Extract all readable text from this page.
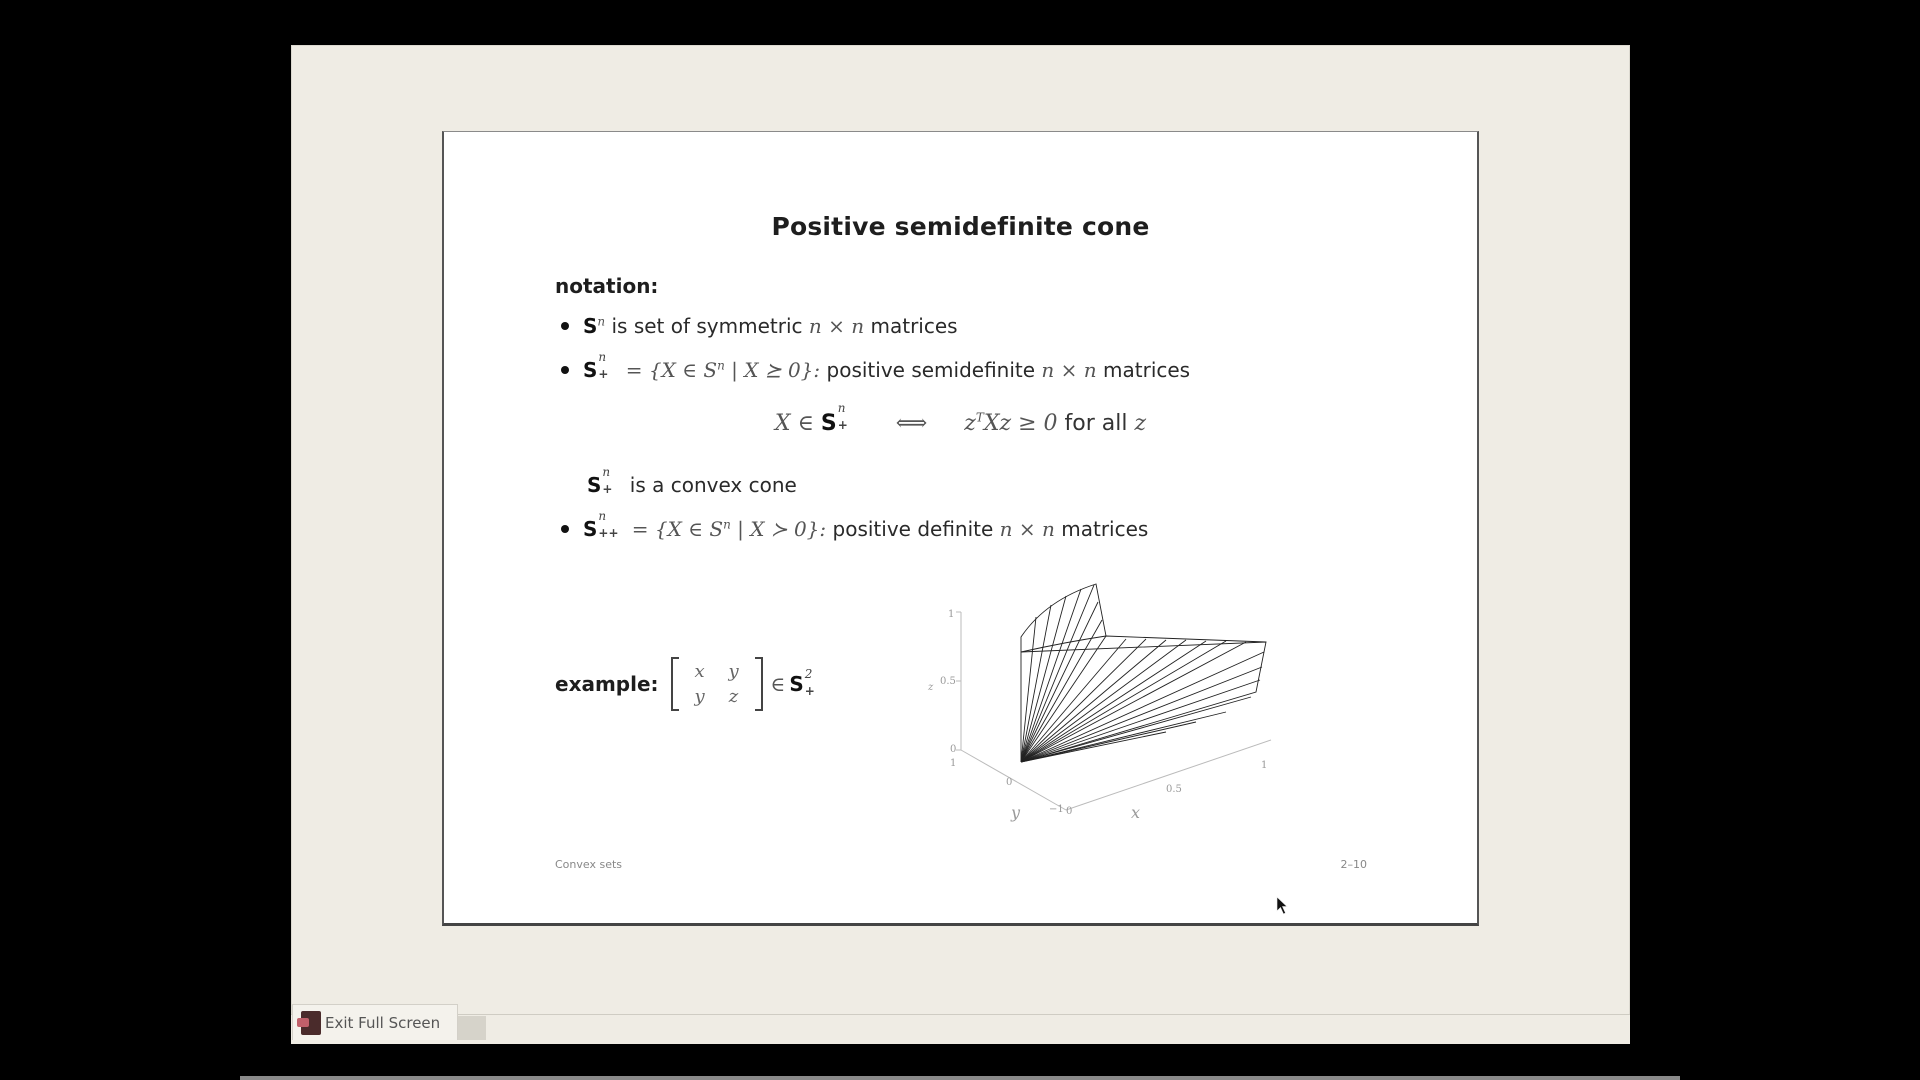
Positive semidefinite cone
notation:
$S^n$ is set of symmetric n × n matrices
S
n
+ = {X ∈ $S^n$ | X ⪰ 0}: positive semidefinite n × n matrices
X ∈ S
n
+ ⟺ $z^TXz \ge 0$ for all z
S
n
+ is a convex cone
S
n
++ = {X ∈ $S^n$ | X ≻ 0}: positive definite n × n matrices
example:
x	y
y	z
∈ S 2
+
1
0.5
0
z
1
0
−1 0
0.5
1
y	x
Convex sets	2–10
Exit Full Screen
